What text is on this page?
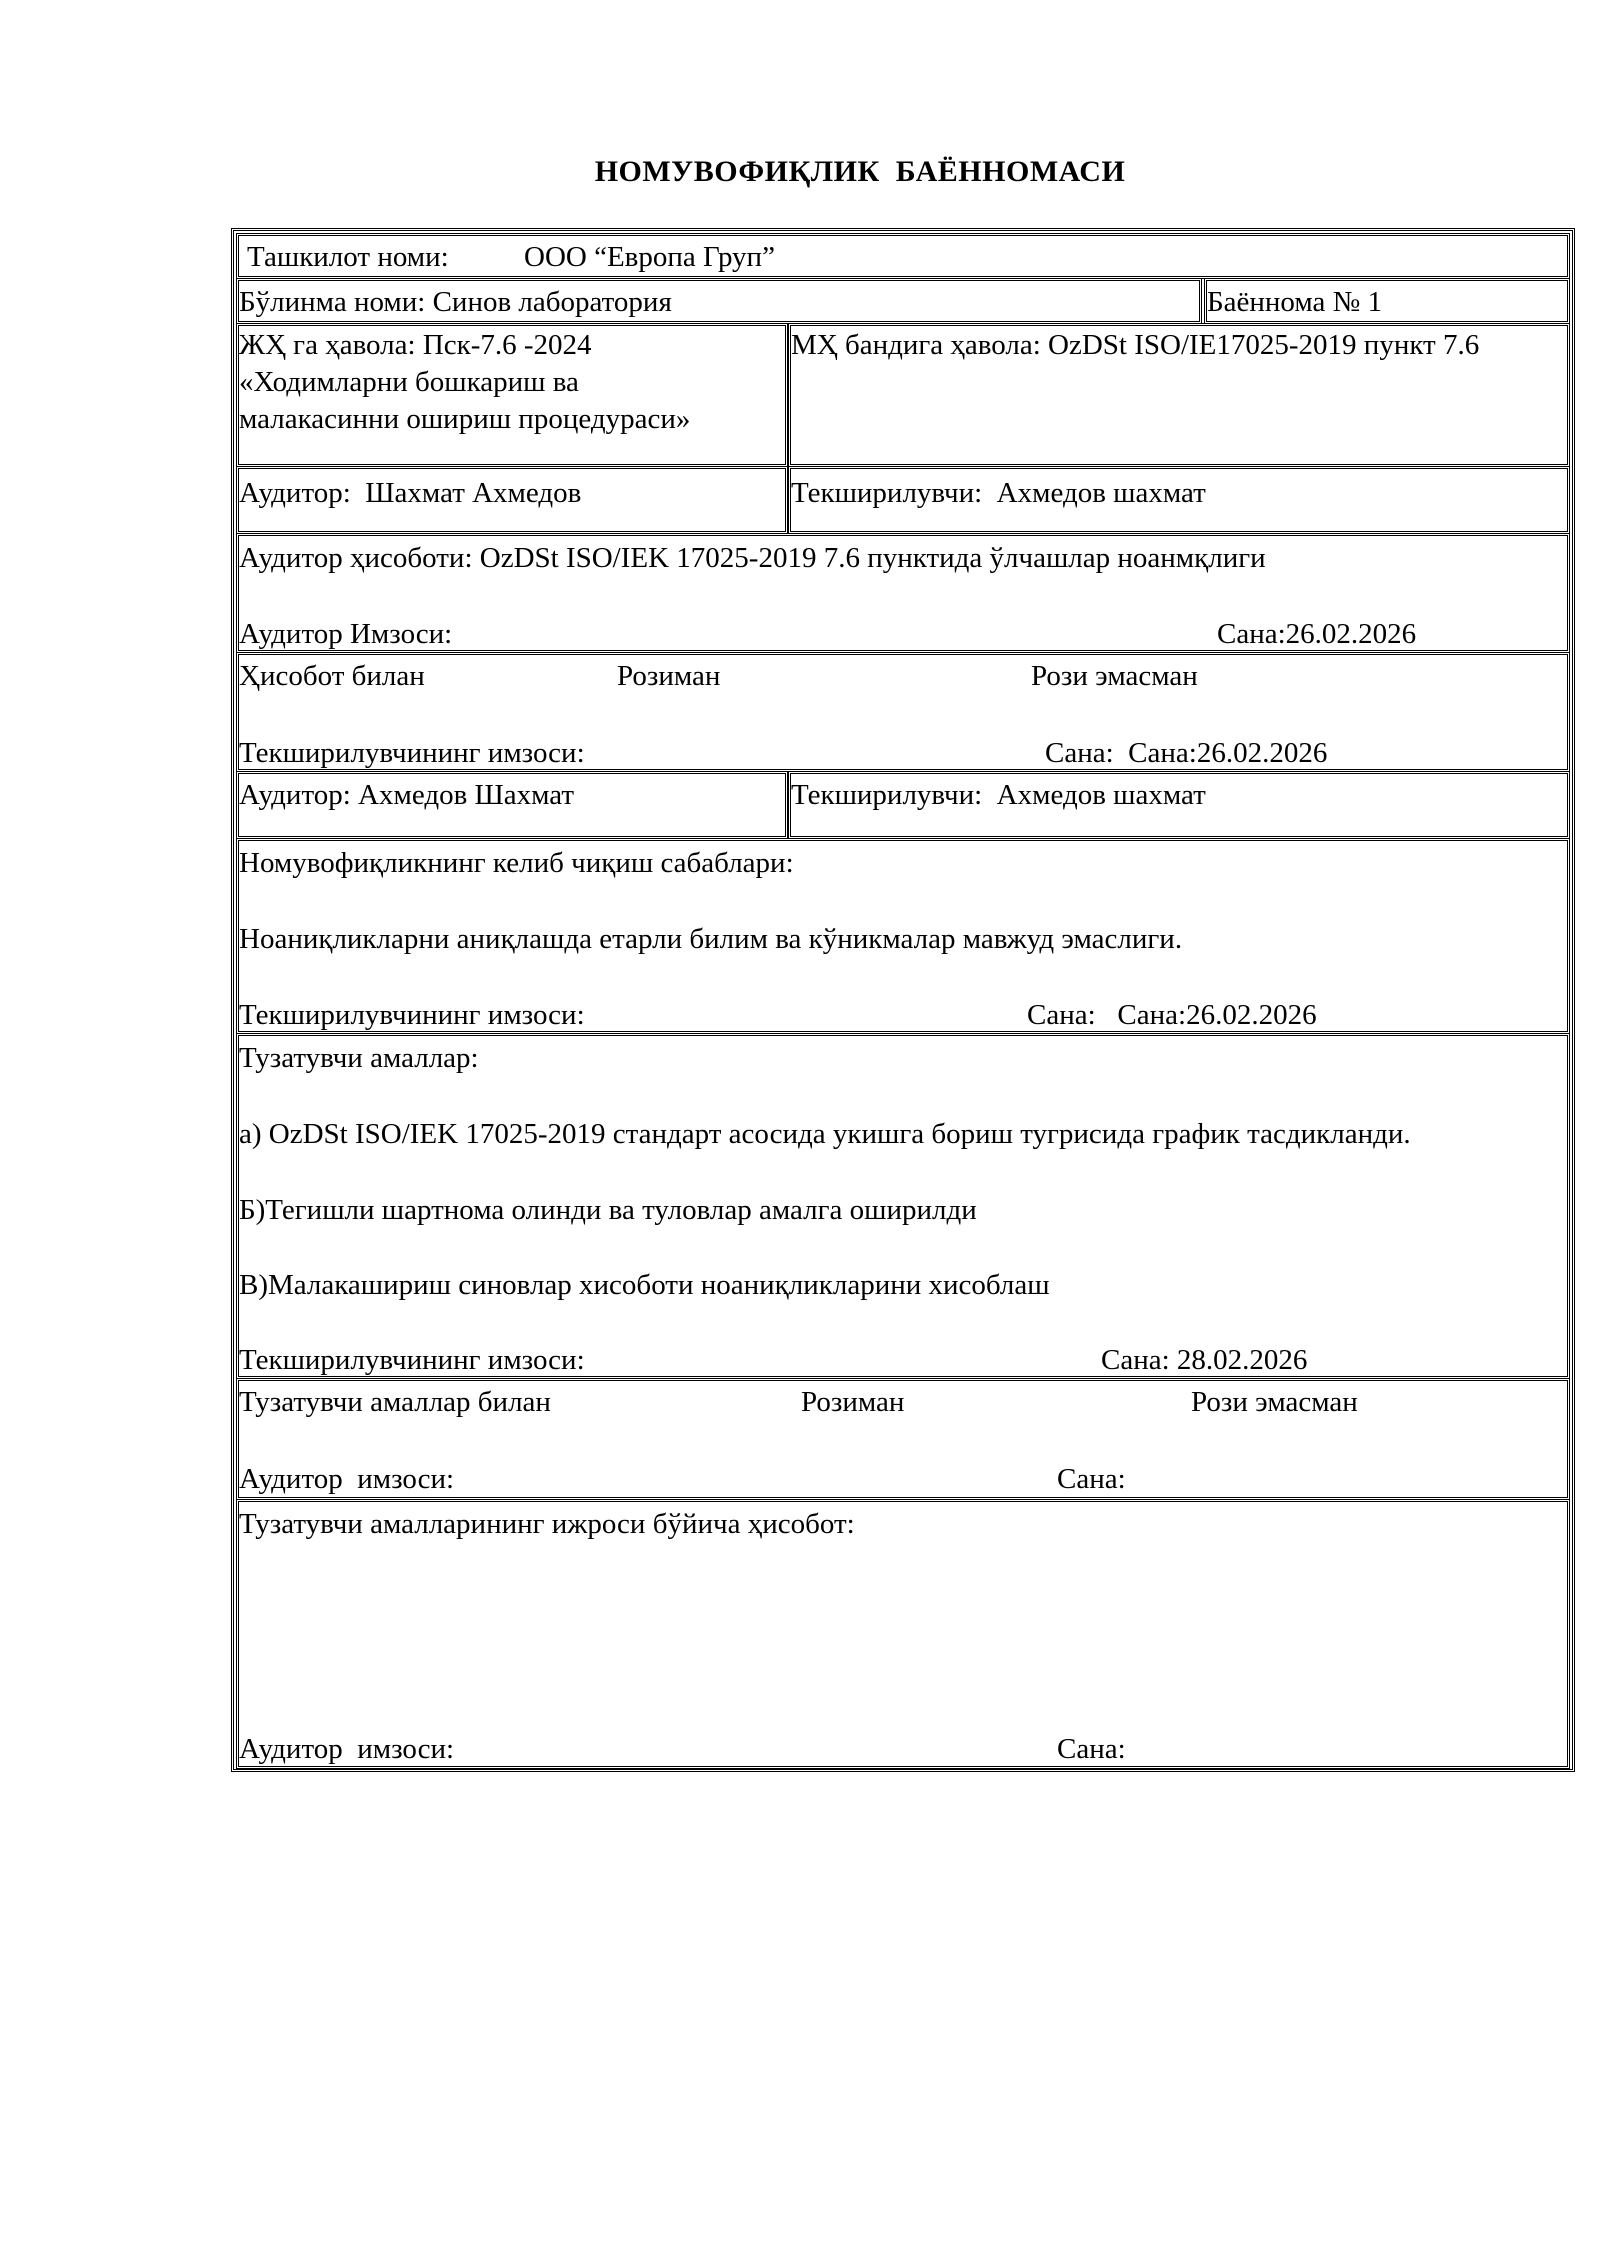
НОМУВОФИҚЛИК  БАЁННОМАСИ
Ташкилот номи:	ООО “Европа Груп”
Бўлинма номи: Синов лаборатория	Баённома № 1
ЖҲ га ҳавола: Пск-7.6 -2024
«Ходимларни бошкариш ва
малакасинни ошириш процедураси»
МҲ бандига ҳавола: OzDSt ISO/IE17025-2019 пункт 7.6
Аудитор:  Шахмат Ахмедов	Текширилувчи:  Ахмедов шахмат
Аудитор ҳисоботи: OzDSt ISO/IEK 17025-2019 7.6 пунктида ўлчашлар ноанмқлиги
Аудитор Имзоси:	Сана:26.02.2026
Ҳисобот билан	Розиман	Рози эмасман
Текширилувчининг имзоси:	Сана:  Сана:26.02.2026
Аудитор: Ахмедов Шахмат	Текширилувчи:  Ахмедов шахмат
Номувофиқликнинг келиб чиқиш сабаблари:
Ноаниқликларни аниқлашда етарли билим ва кўникмалар мавжуд эмаслиги.
Текширилувчининг имзоси:	Сана:   Сана:26.02.2026
Тузатувчи амаллар:
а) OzDSt ISO/IEK 17025-2019 стандарт асосида укишга бориш тугрисида график тасдикланди.
Б)Тегишли шартнома олинди ва туловлар амалга оширилди
В)Малакашириш синовлар хисоботи ноаниқликларини хисоблаш
Текширилувчининг имзоси:	Сана: 28.02.2026
Тузатувчи амаллар билан	Розиман	Рози эмасман
Аудитор  имзоси:	Сана:
Тузатувчи амалларининг ижроси бўйича ҳисобот:
Аудитор  имзоси:	Сана:
